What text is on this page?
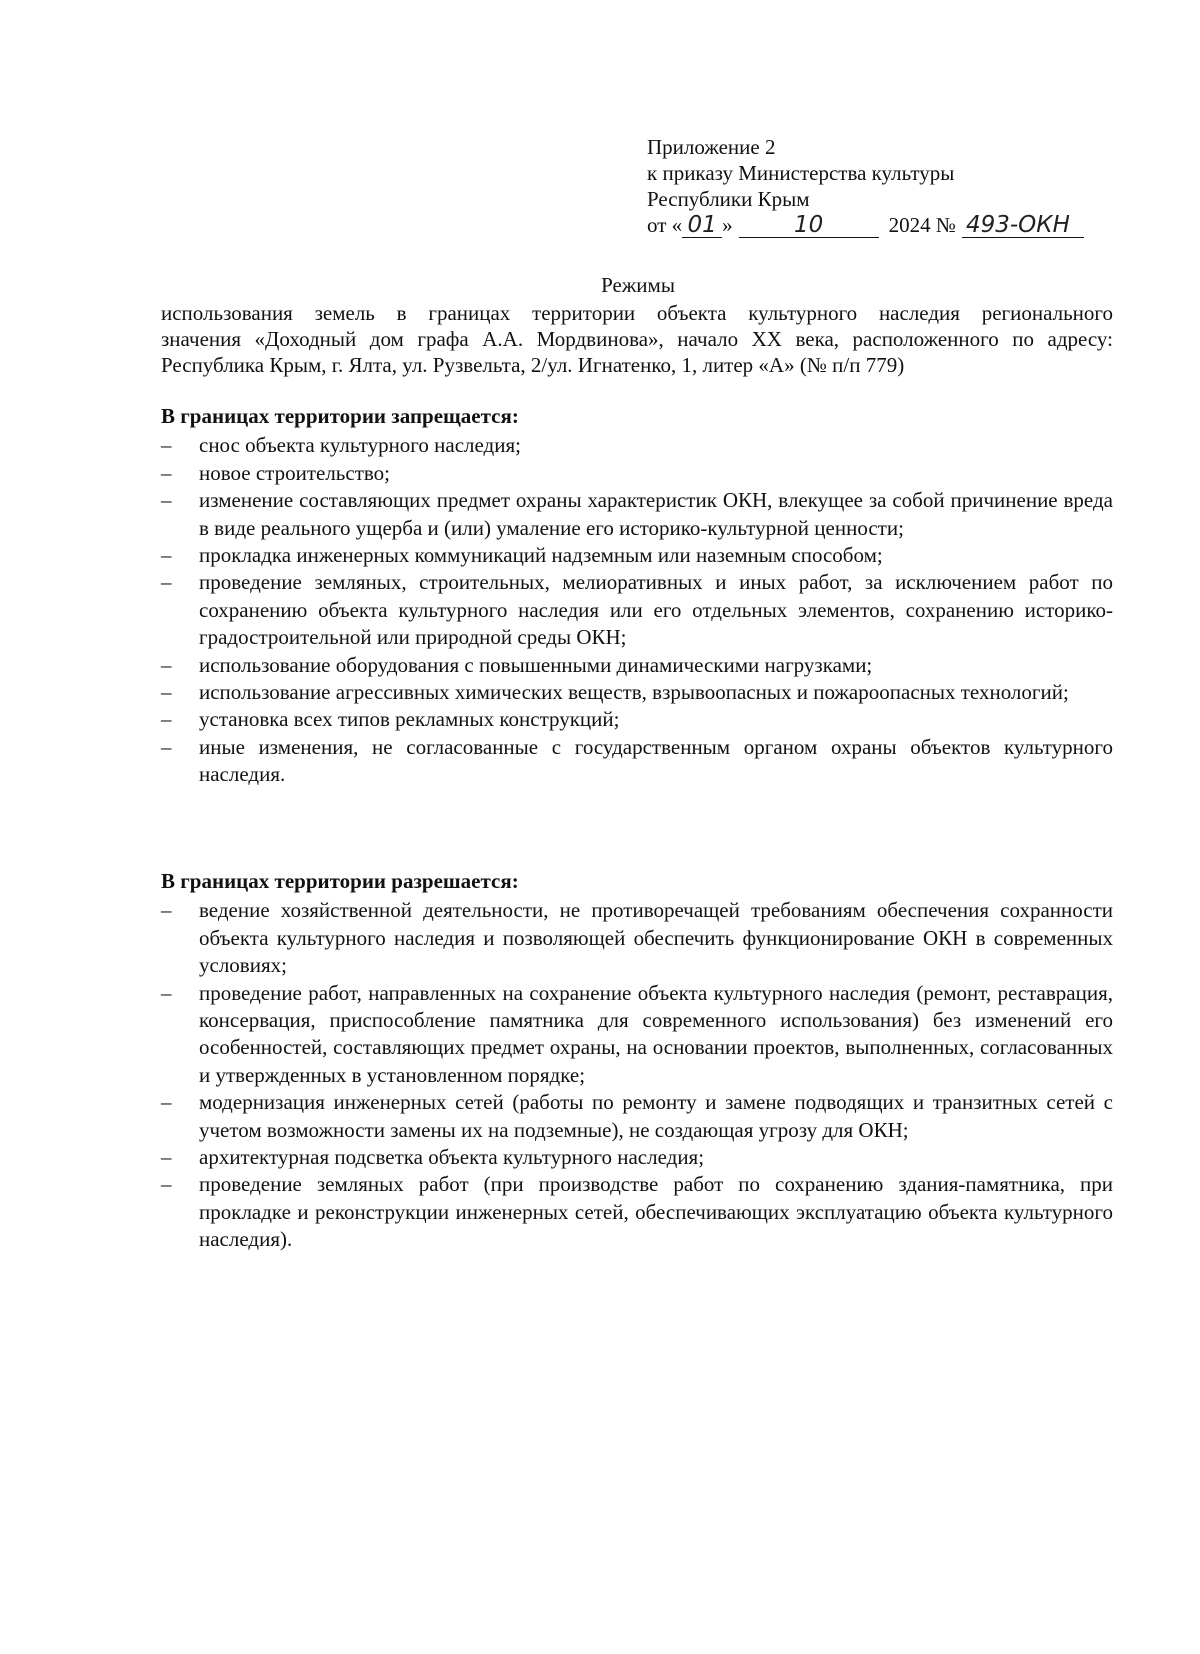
Приложение 2
к приказу Министерства культуры
Республики Крым
от « 01 »	10	2024 № 493-ОКН
Режимы
использования земель в границах территории объекта культурного наследия регионального
значения «Доходный дом графа А.А. Мордвинова», начало XX века, расположенного по адресу:
Республика Крым, г. Ялта, ул. Рузвельта, 2/ул. Игнатенко, 1, литер «А» (№ п/п 779)
В границах территории запрещается:
– снос объекта культурного наследия;
– новое строительство;
– изменение составляющих предмет охраны характеристик ОКН, влекущее за собой причинение вреда в виде реального ущерба и (или) умаление его историко-культурной ценности;
– прокладка инженерных коммуникаций надземным или наземным способом;
– проведение земляных, строительных, мелиоративных и иных работ, за исключением работ по сохранению объекта культурного наследия или его отдельных элементов, сохранению историко-градостроительной или природной среды ОКН;
– использование оборудования с повышенными динамическими нагрузками;
– использование агрессивных химических веществ, взрывоопасных и пожароопасных технологий;
– установка всех типов рекламных конструкций;
– иные изменения, не согласованные с государственным органом охраны объектов культурного наследия.
В границах территории разрешается:
– ведение хозяйственной деятельности, не противоречащей требованиям обеспечения сохранности объекта культурного наследия и позволяющей обеспечить функционирование ОКН в современных условиях;
– проведение работ, направленных на сохранение объекта культурного наследия (ремонт, реставрация, консервация, приспособление памятника для современного использования) без изменений его особенностей, составляющих предмет охраны, на основании проектов, выполненных, согласованных и утвержденных в установленном порядке;
– модернизация инженерных сетей (работы по ремонту и замене подводящих и транзитных сетей с учетом возможности замены их на подземные), не создающая угрозу для ОКН;
– архитектурная подсветка объекта культурного наследия;
– проведение земляных работ (при производстве работ по сохранению здания-памятника, при прокладке и реконструкции инженерных сетей, обеспечивающих эксплуатацию объекта культурного наследия).
